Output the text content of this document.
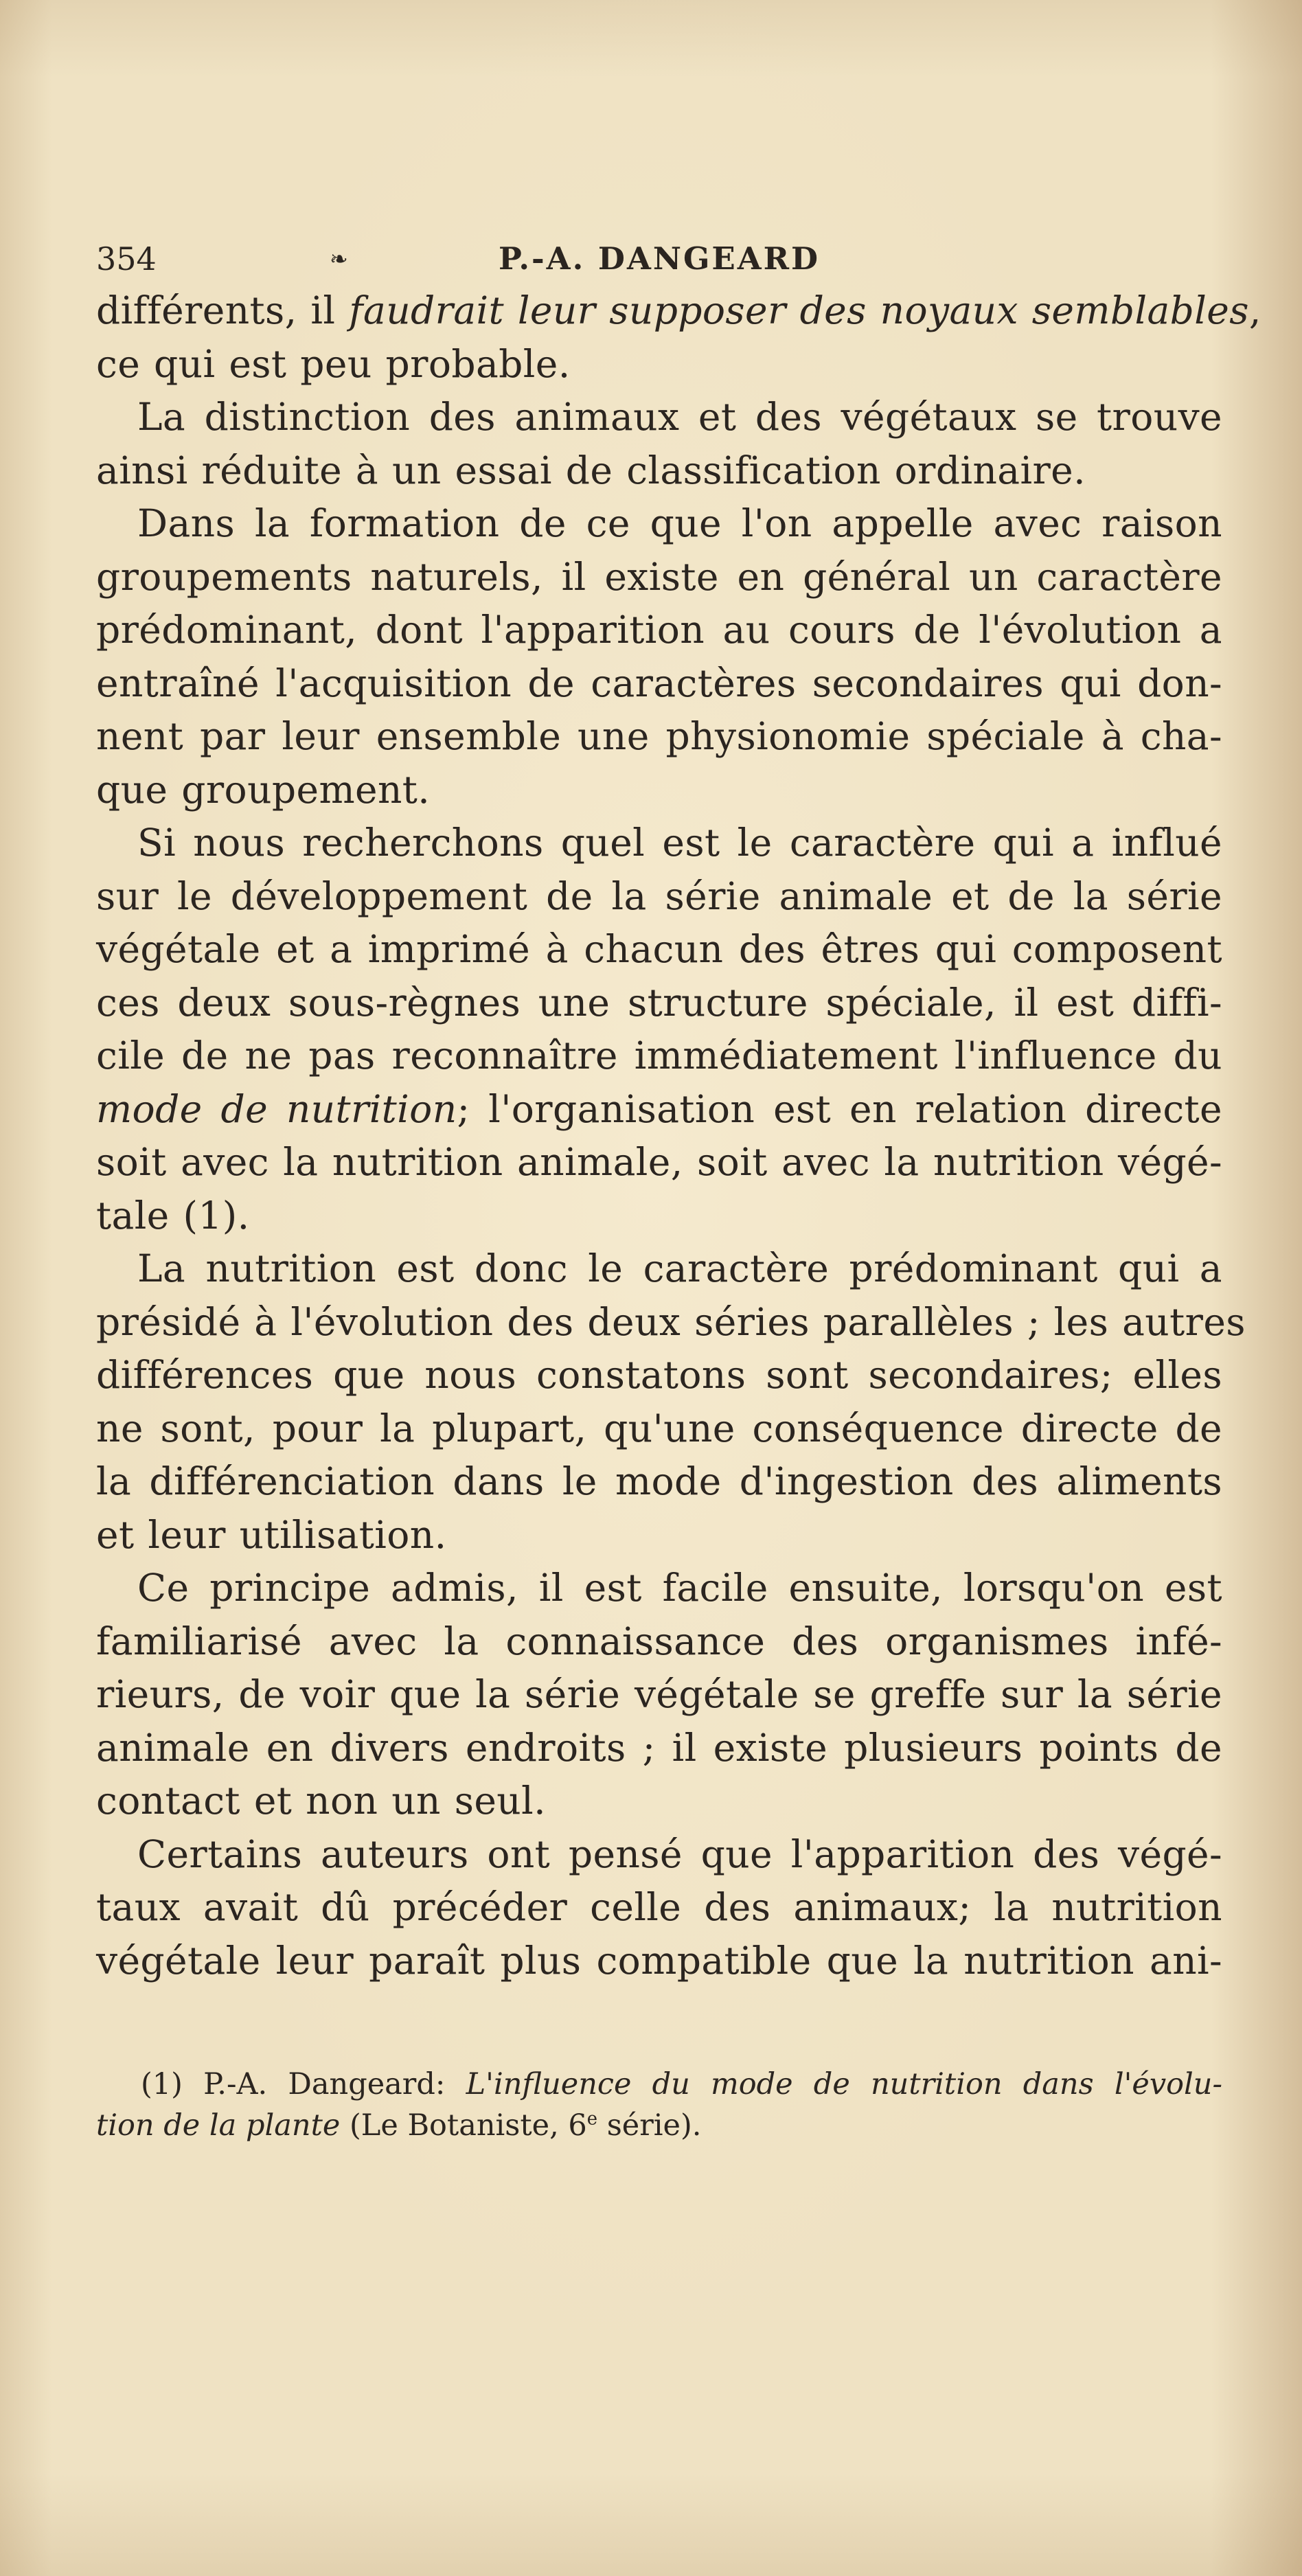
354	❧	P.-A. DANGEARD

différents, il faudrait leur supposer des noyaux semblables,
ce qui est peu probable.

La distinction des animaux et des végétaux se trouve
ainsi réduite à un essai de classification ordinaire.

Dans la formation de ce que l'on appelle avec raison
groupements naturels, il existe en général un caractère
prédominant, dont l'apparition au cours de l'évolution a
entraîné l'acquisition de caractères secondaires qui don-
nent par leur ensemble une physionomie spéciale à cha-
que groupement.

Si nous recherchons quel est le caractère qui a influé
sur le développement de la série animale et de la série
végétale et a imprimé à chacun des êtres qui composent
ces deux sous-règnes une structure spéciale, il est diffi-
cile de ne pas reconnaître immédiatement l'influence du
mode de nutrition; l'organisation est en relation directe
soit avec la nutrition animale, soit avec la nutrition végé-
tale (1).

La nutrition est donc le caractère prédominant qui a
présidé à l'évolution des deux séries parallèles ; les autres
différences que nous constatons sont secondaires; elles
ne sont, pour la plupart, qu'une conséquence directe de
la différenciation dans le mode d'ingestion des aliments
et leur utilisation.

Ce principe admis, il est facile ensuite, lorsqu'on est
familiarisé avec la connaissance des organismes infé-
rieurs, de voir que la série végétale se greffe sur la série
animale en divers endroits ; il existe plusieurs points de
contact et non un seul.

Certains auteurs ont pensé que l'apparition des végé-
taux avait dû précéder celle des animaux; la nutrition
végétale leur paraît plus compatible que la nutrition ani-

(1) P.-A. Dangeard: L'influence du mode de nutrition dans l'évolu-
tion de la plante (Le Botaniste, 6e série).
